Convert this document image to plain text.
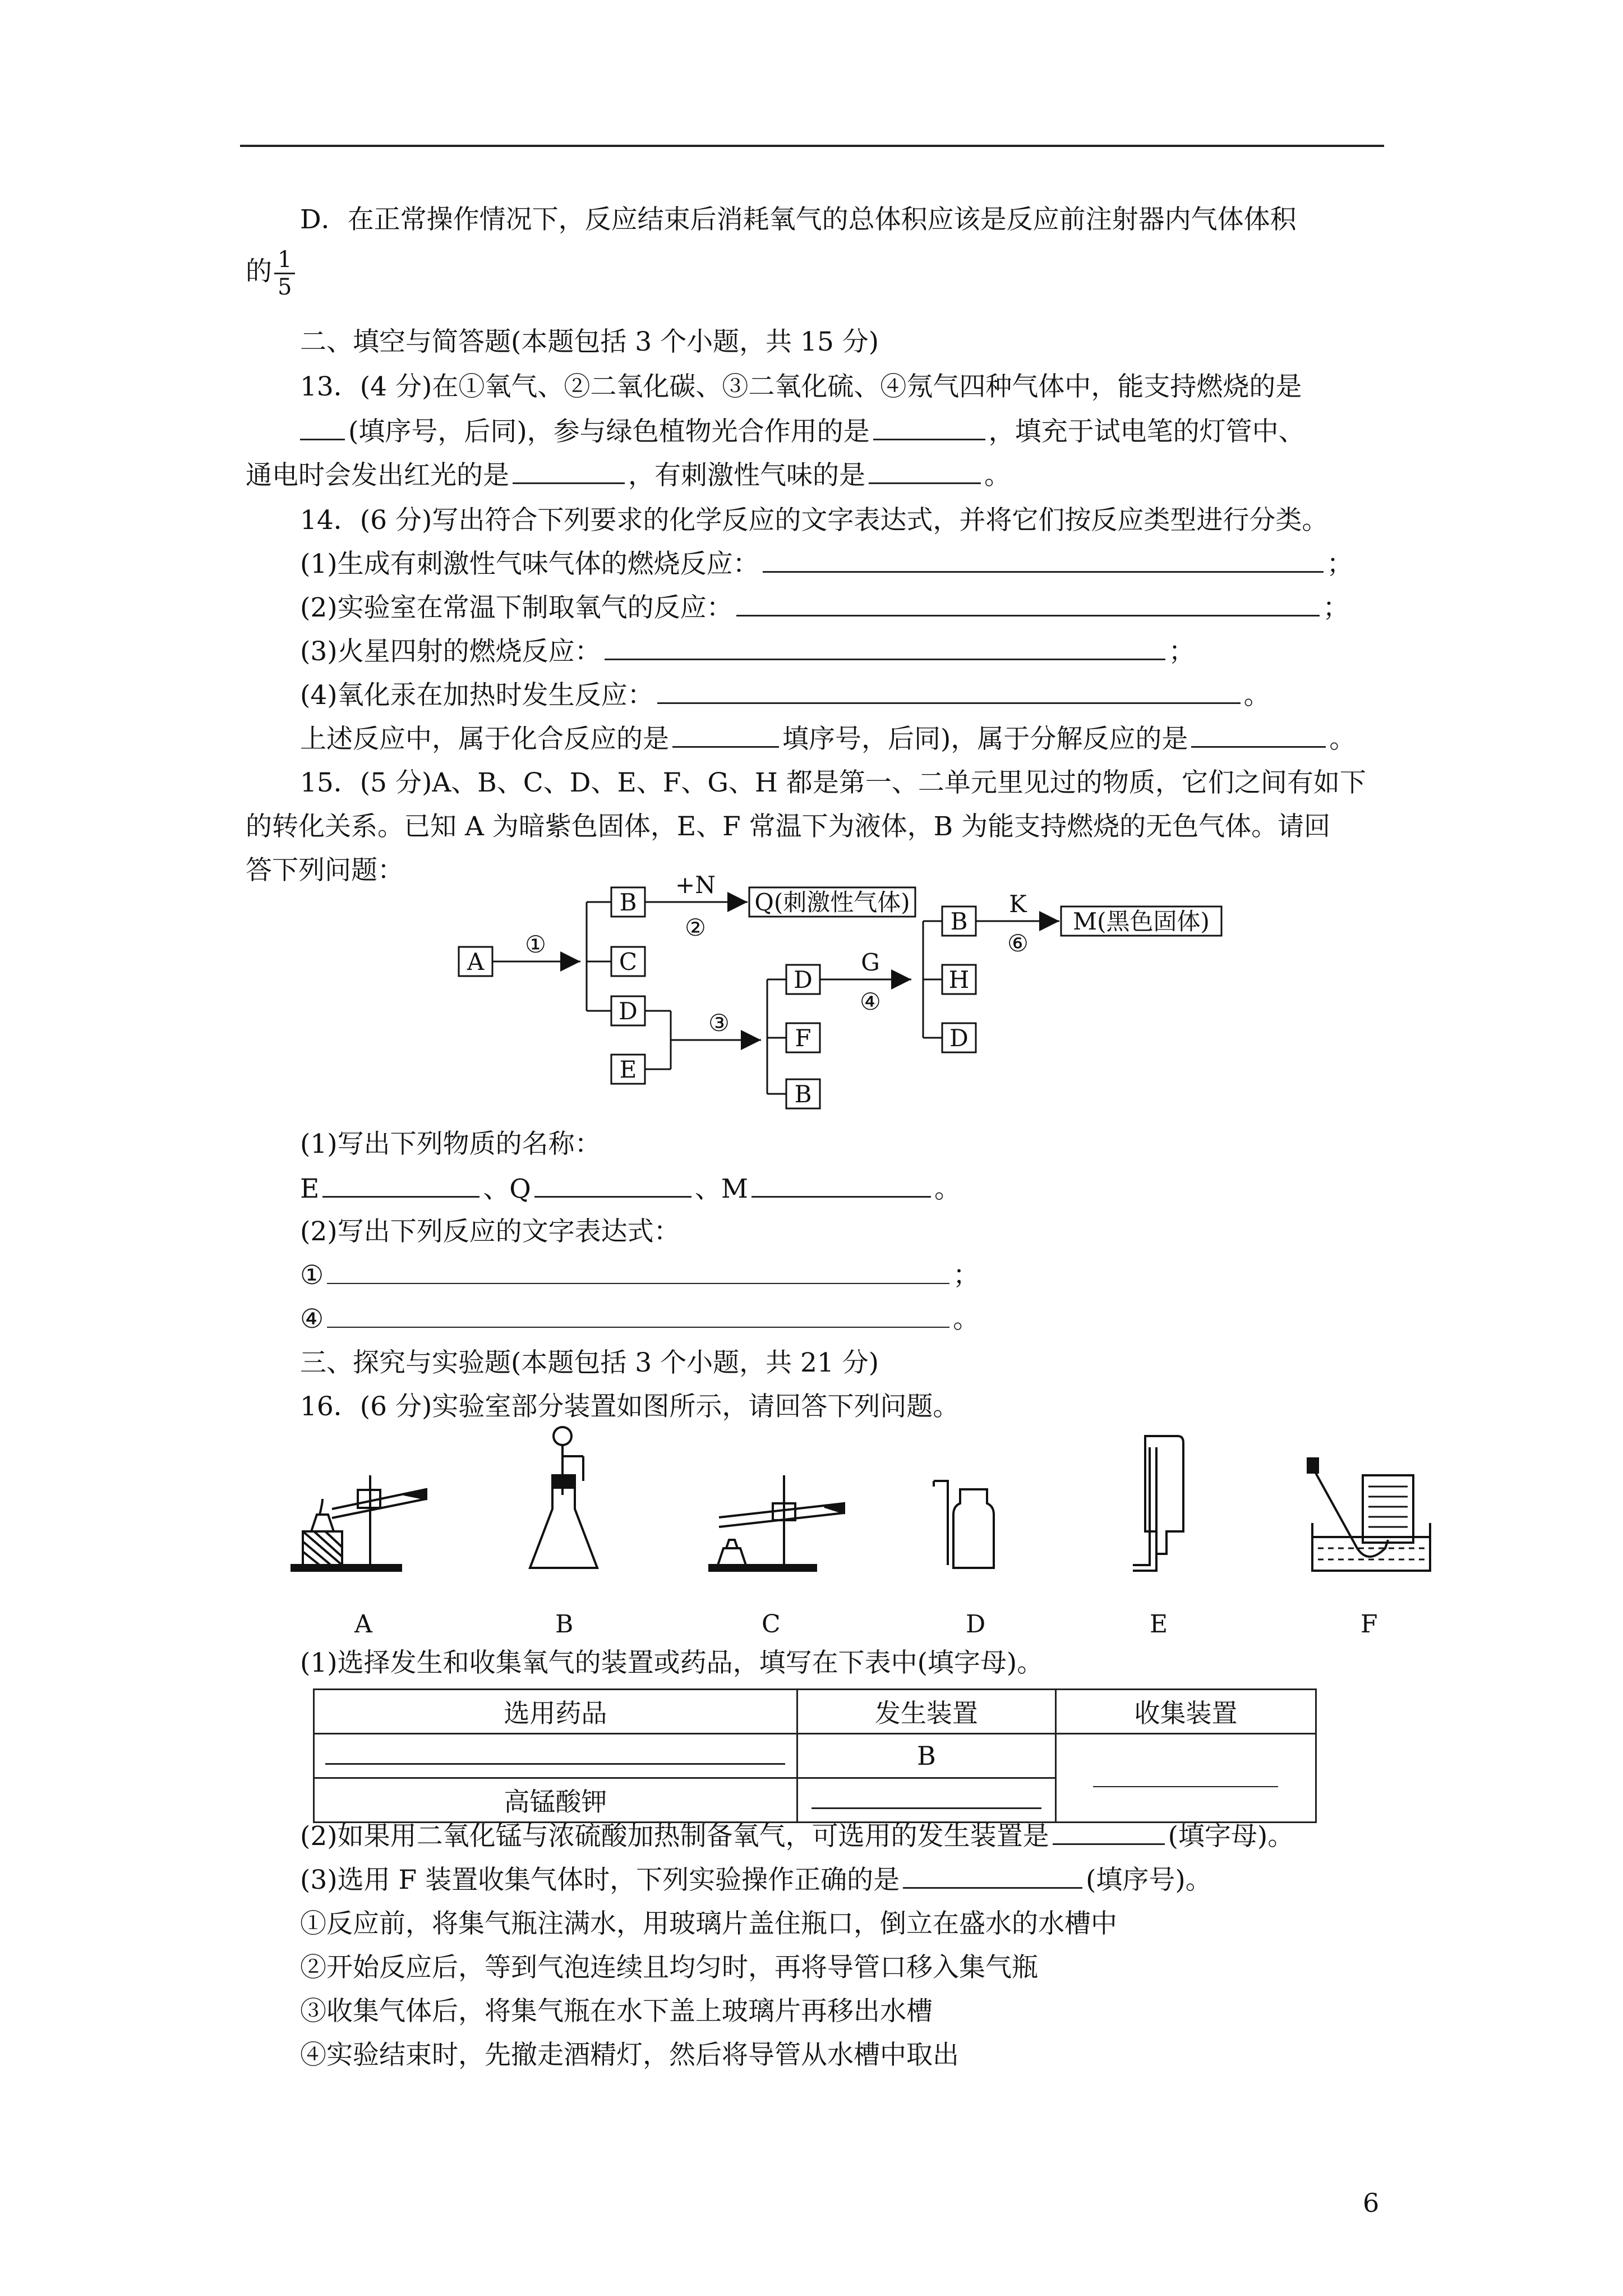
D．在正常操作情况下，反应结束后消耗氧气的总体积应该是反应前注射器内气体体积
的 $\frac{1}{5}$
二、填空与简答题(本题包括 3 个小题，共 15 分)
13．(4 分)在①氧气、②二氧化碳、③二氧化硫、④氖气四种气体中，能支持燃烧的是
(填序号，后同)，参与绿色植物光合作用的是	，填充于试电笔的灯管中、
通电时会发出红光的是	，有刺激性气味的是	。
14．(6 分)写出符合下列要求的化学反应的文字表达式，并将它们按反应类型进行分类。
(1)生成有刺激性气味气体的燃烧反应：	；
(2)实验室在常温下制取氧气的反应：	；
(3)火星四射的燃烧反应：	；
(4)氧化汞在加热时发生反应：	。
上述反应中，属于化合反应的是	填序号，后同)，属于分解反应的是	。
15．(5 分)A、B、C、D、E、F、G、H 都是第一、二单元里见过的物质，它们之间有如下
的转化关系。已知 A 为暗紫色固体，E、F 常温下为液体，B 为能支持燃烧的无色气体。请回
答下列问题：
A
B
C
D
E
Q(刺激性气体)
D
F
B
B
H
D
M(黑色固体)
①
+N
②
③
G
④
K
⑥
(1)写出下列物质的名称：
E	、Q	、M	。
(2)写出下列反应的文字表达式：
①	；
④	。
三、探究与实验题(本题包括 3 个小题，共 21 分)
16．(6 分)实验室部分装置如图所示，请回答下列问题。
A	B	C	D	E	F
(1)选择发生和收集氧气的装置或药品，填写在下表中(填字母)。
选用药品	发生装置	收集装置
	B	
高锰酸钾		
(2)如果用二氧化锰与浓硫酸加热制备氧气，可选用的发生装置是	(填字母)。
(3)选用 F 装置收集气体时，下列实验操作正确的是	(填序号)。
①反应前，将集气瓶注满水，用玻璃片盖住瓶口，倒立在盛水的水槽中
②开始反应后，等到气泡连续且均匀时，再将导管口移入集气瓶
③收集气体后，将集气瓶在水下盖上玻璃片再移出水槽
④实验结束时，先撤走酒精灯，然后将导管从水槽中取出
6
